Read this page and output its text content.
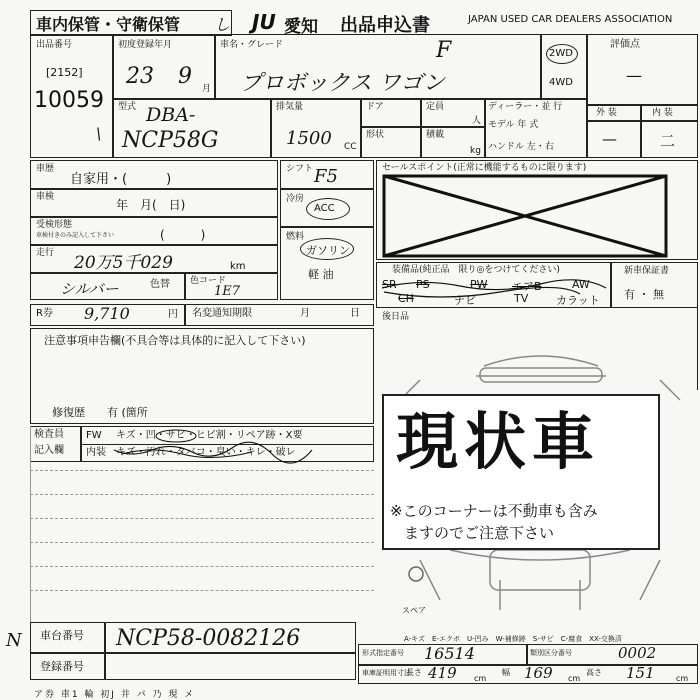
車内保管・守衛保管 し JU 愛知 出品申込書	JAPAN USED CAR DEALERS ASSOCIATION
出品番号
[2152]
10059
\
初度登録年月
23 9 月
車名・グレード	F
プロボックス ワゴン
2WD
4WD
評価点
—
型式 DBA-
NCP58G
排気量
1500 CC
ドア
形状
定員
人
積載
kg
ディーラー・並 行
モデル 年 式
ハンドル 左・右
外 装	内 装
—	二
車歴
自家用・(　　　)
車検
年　月(　日)
受検形態
車検付きのみ記入して下さい	(　　　)
走行 20万5千029	km
シルバー	色替 色コード
1E7
シフト F5
冷房
ACC
燃料
ガソリン
軽 油
セールスポイント(正常に機能するものに限ります)
装備品(純正品　限り◎をつけてください)
SR PS	PW エアB	AW
CH	ナビ	TV	カラット
新車保証書
有 ・ 無
R券 9,710	円 名変通知期限	月	日 後日品
注意事項申告欄(不具合等は具体的に記入して下さい)
修復歴　　有 (箇所
検査員
記入欄
FW キズ・凹・サビ・ヒビ割・リペア跡・X要
内装 キズ・汚れ・タバコ・臭い・キレ・破レ
スペア
A-キズ　E-エクボ　U-凹み　W-補修跡　S-サビ　C-腐食　XX-交換済
現状車
※このコーナーは不動車も含み
ますのでご注意下さい
N 車台番号 NCP58-0082126
登録番号
形式指定番号 16514	類別区分番号	0002
車庫証明用寸法
長さ 419 cm
幅 169 cm
高さ 151	cm
ア券 車1 輪 初J 井 パ 乃 現 メ
